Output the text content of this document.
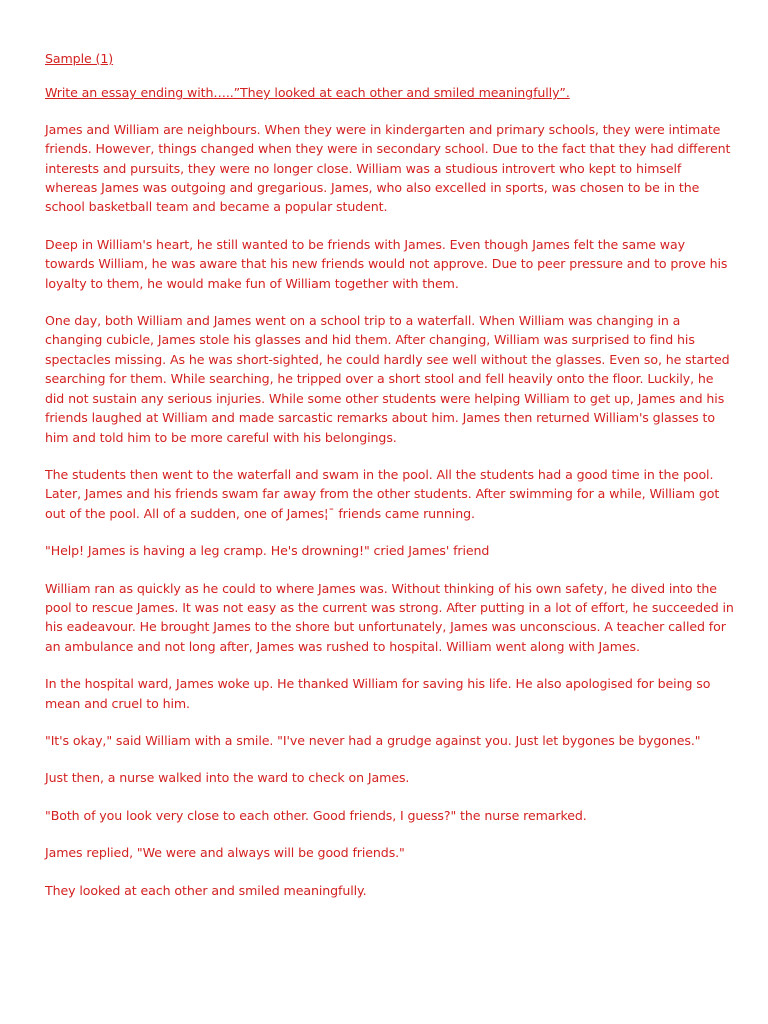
Sample (1)

Write an essay ending with…..”They looked at each other and smiled meaningfully”.

James and William are neighbours. When they were in kindergarten and primary schools, they were intimate friends. However, things changed when they were in secondary school. Due to the fact that they had different interests and pursuits, they were no longer close. William was a studious introvert who kept to himself whereas James was outgoing and gregarious. James, who also excelled in sports, was chosen to be in the school basketball team and became a popular student.

Deep in William's heart, he still wanted to be friends with James. Even though James felt the same way towards William, he was aware that his new friends would not approve. Due to peer pressure and to prove his loyalty to them, he would make fun of William together with them.

One day, both William and James went on a school trip to a waterfall. When William was changing in a changing cubicle, James stole his glasses and hid them. After changing, William was surprised to find his spectacles missing. As he was short-sighted, he could hardly see well without the glasses. Even so, he started searching for them. While searching, he tripped over a short stool and fell heavily onto the floor. Luckily, he did not sustain any serious injuries. While some other students were helping William to get up, James and his friends laughed at William and made sarcastic remarks about him. James then returned William's glasses to him and told him to be more careful with his belongings.

The students then went to the waterfall and swam in the pool. All the students had a good time in the pool. Later, James and his friends swam far away from the other students. After swimming for a while, William got out of the pool. All of a sudden, one of James¦¯ friends came running.

"Help! James is having a leg cramp. He's drowning!" cried James' friend

William ran as quickly as he could to where James was. Without thinking of his own safety, he dived into the pool to rescue James. It was not easy as the current was strong. After putting in a lot of effort, he succeeded in his eadeavour. He brought James to the shore but unfortunately, James was unconscious. A teacher called for an ambulance and not long after, James was rushed to hospital. William went along with James.

In the hospital ward, James woke up. He thanked William for saving his life. He also apologised for being so mean and cruel to him.

"It's okay," said William with a smile. "I've never had a grudge against you. Just let bygones be bygones."

Just then, a nurse walked into the ward to check on James.

"Both of you look very close to each other. Good friends, I guess?" the nurse remarked.

James replied, "We were and always will be good friends."

They looked at each other and smiled meaningfully.
